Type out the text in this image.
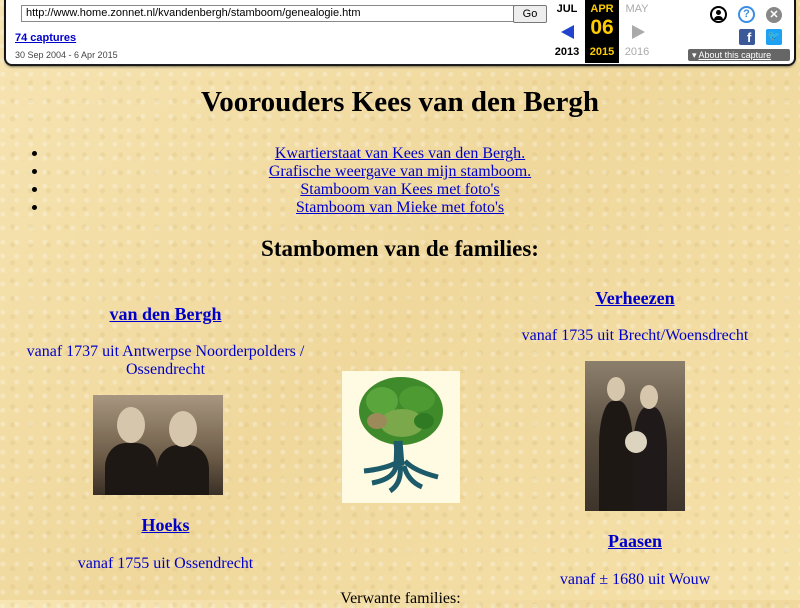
http://www.home.zonnet.nl/kvandenbergh/stamboom/genealogie.htm	Go
74 captures
30 Sep 2004 - 6 Apr 2015
JUL
2013
APR
06
2015
MAY
2016
?	✕
f 🐦
▾ About this capture
Voorouders Kees van den Bergh
Kwartierstaat van Kees van den Bergh.
Grafische weergave van mijn stamboom.
Stamboom van Kees met foto's
Stamboom van Mieke met foto's
Stambomen van de families:
van den Bergh
vanaf 1737 uit Antwerpse Noorderpolders / Ossendrecht
Hoeks
vanaf 1755 uit Ossendrecht
Verwante families:
Verheezen
vanaf 1735 uit Brecht/Woensdrecht
Paasen
vanaf ± 1680 uit Wouw
